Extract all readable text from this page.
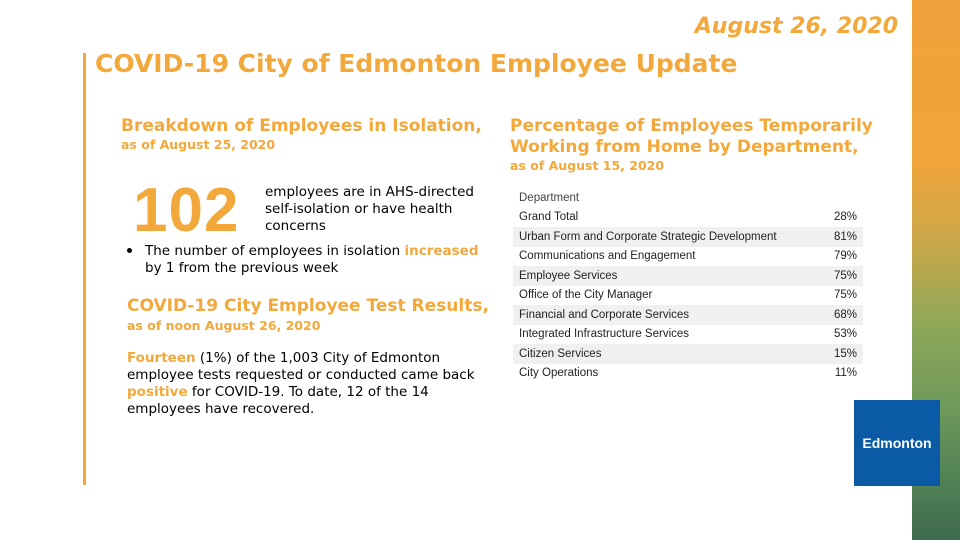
August 26, 2020
COVID-19 City of Edmonton Employee Update
Breakdown of Employees in Isolation,
as of August 25, 2020
102 employees are in AHS-directed self-isolation or have health concerns
The number of employees in isolation increased by 1 from the previous week
COVID-19 City Employee Test Results,
as of noon August 26, 2020
Fourteen (1%) of the 1,003 City of Edmonton employee tests requested or conducted came back positive for COVID-19. To date, 12 of the 14 employees have recovered.
Percentage of Employees Temporarily
Working from Home by Department,
as of August 15, 2020
Department	
Grand Total	28%
Urban Form and Corporate Strategic Development	81%
Communications and Engagement	79%
Employee Services	75%
Office of the City Manager	75%
Financial and Corporate Services	68%
Integrated Infrastructure Services	53%
Citizen Services	15%
City Operations	11%
Edmonton
